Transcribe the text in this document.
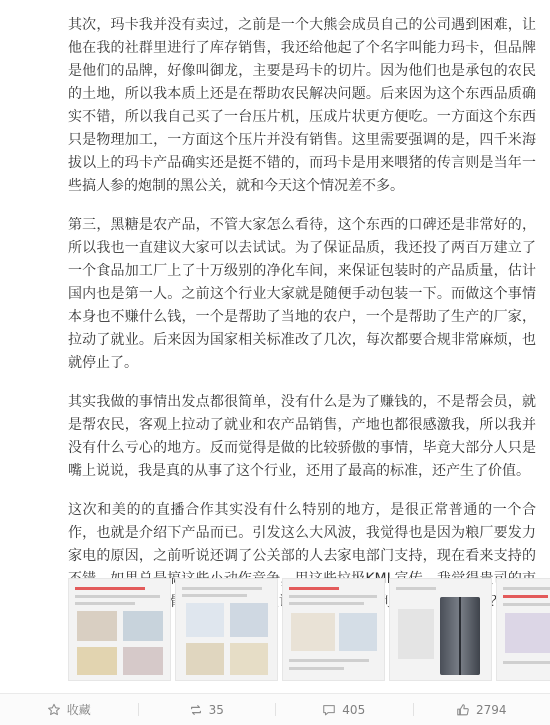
其次，玛卡我并没有卖过，之前是一个大熊会成员自己的公司遇到困难，让他在我的社群里进行了库存销售，我还给他起了个名字叫能力玛卡，但品牌是他们的品牌，好像叫御龙，主要是玛卡的切片。因为他们也是承包的农民的土地，所以我本质上还是在帮助农民解决问题。后来因为这个东西品质确实不错，所以我自己买了一台压片机，压成片状更方便吃。一方面这个东西只是物理加工，一方面这个压片并没有销售。这里需要强调的是，四千米海拔以上的玛卡产品确实还是挺不错的，而玛卡是用来喂猪的传言则是当年一些搞人参的炮制的黑公关，就和今天这个情况差不多。

第三，黑糖是农产品，不管大家怎么看待，这个东西的口碑还是非常好的，所以我也一直建议大家可以去试试。为了保证品质，我还投了两百万建立了一个食品加工厂上了十万级别的净化车间，来保证包装时的产品质量，估计国内也是第一人。之前这个行业大家就是随便手动包装一下。而做这个事情本身也不赚什么钱，一个是帮助了当地的农户，一个是帮助了生产的厂家，拉动了就业。后来因为国家相关标准改了几次，每次都要合规非常麻烦，也就停止了。

其实我做的事情出发点都很简单，没有什么是为了赚钱的，不是帮会员，就是帮农民，客观上拉动了就业和农产品销售，产地也都很感激我，所以我并没有什么亏心的地方。反而觉得是做的比较骄傲的事情，毕竟大部分人只是嘴上说说，我是真的从事了这个行业，还用了最高的标准，还产生了价值。

这次和美的的直播合作其实没有什么特别的地方，是很正常普通的一个合作，也就是介绍下产品而已。引发这么大风波，我觉得也是因为粮厂要发力家电的原因，之前听说还调了公关部的人去家电部门支持，现在看来支持的 断下滑的，记得卢总也说过把这些

收藏	35	405	2794
